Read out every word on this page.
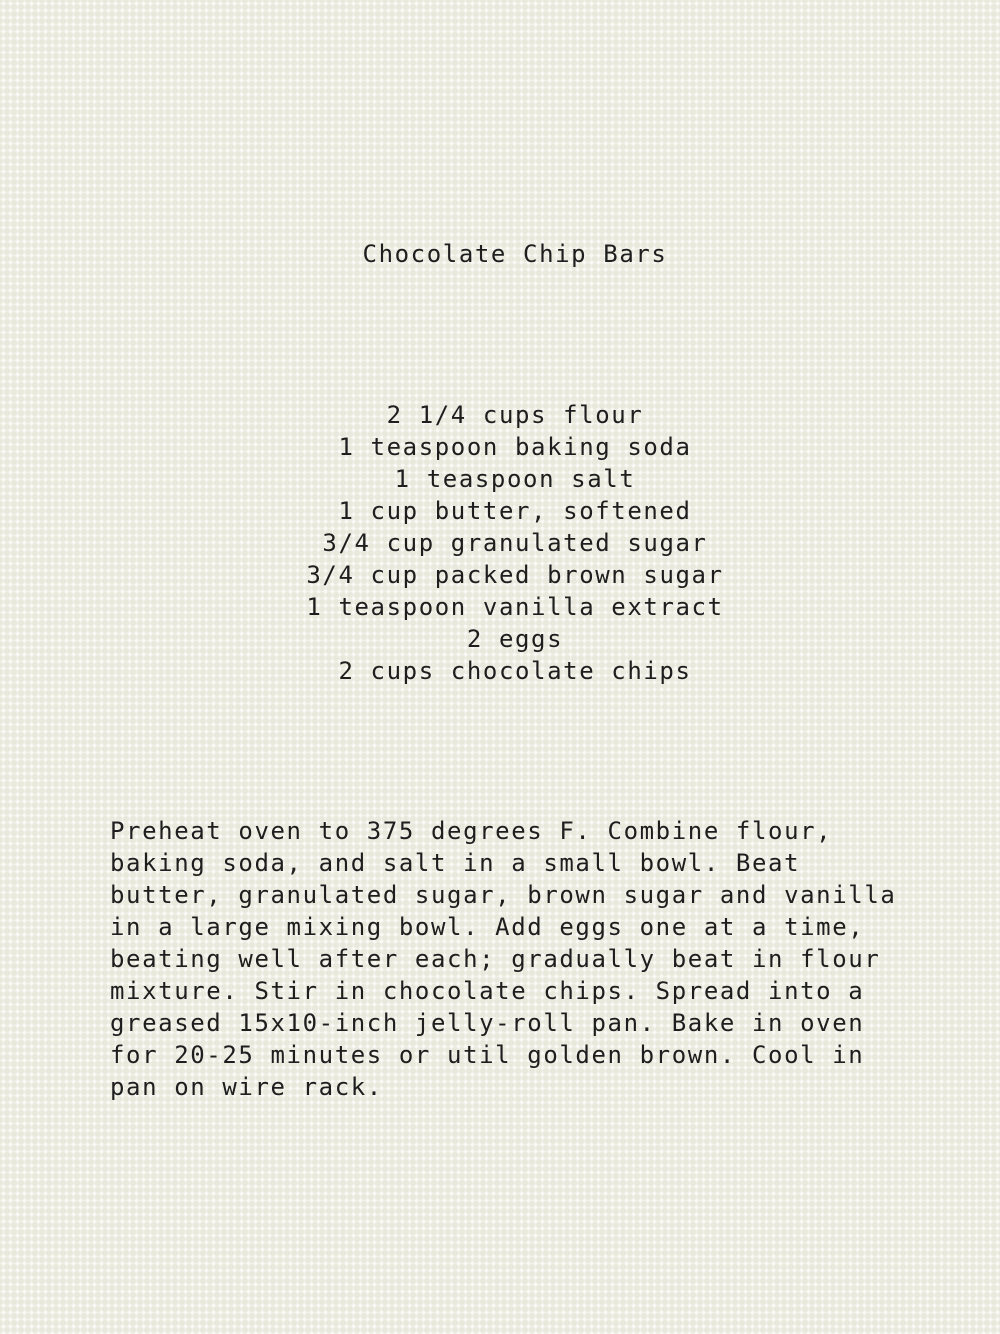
Chocolate Chip Bars
2 1/4 cups flour
1 teaspoon baking soda
1 teaspoon salt
1 cup butter, softened
3/4 cup granulated sugar
3/4 cup packed brown sugar
1 teaspoon vanilla extract
2 eggs
2 cups chocolate chips

Preheat oven to 375 degrees F. Combine flour,
baking soda, and salt in a small bowl. Beat
butter, granulated sugar, brown sugar and vanilla
in a large mixing bowl. Add eggs one at a time,
beating well after each; gradually beat in flour
mixture. Stir in chocolate chips. Spread into a
greased 15x10-inch jelly-roll pan. Bake in oven
for 20-25 minutes or util golden brown. Cool in
pan on wire rack.
